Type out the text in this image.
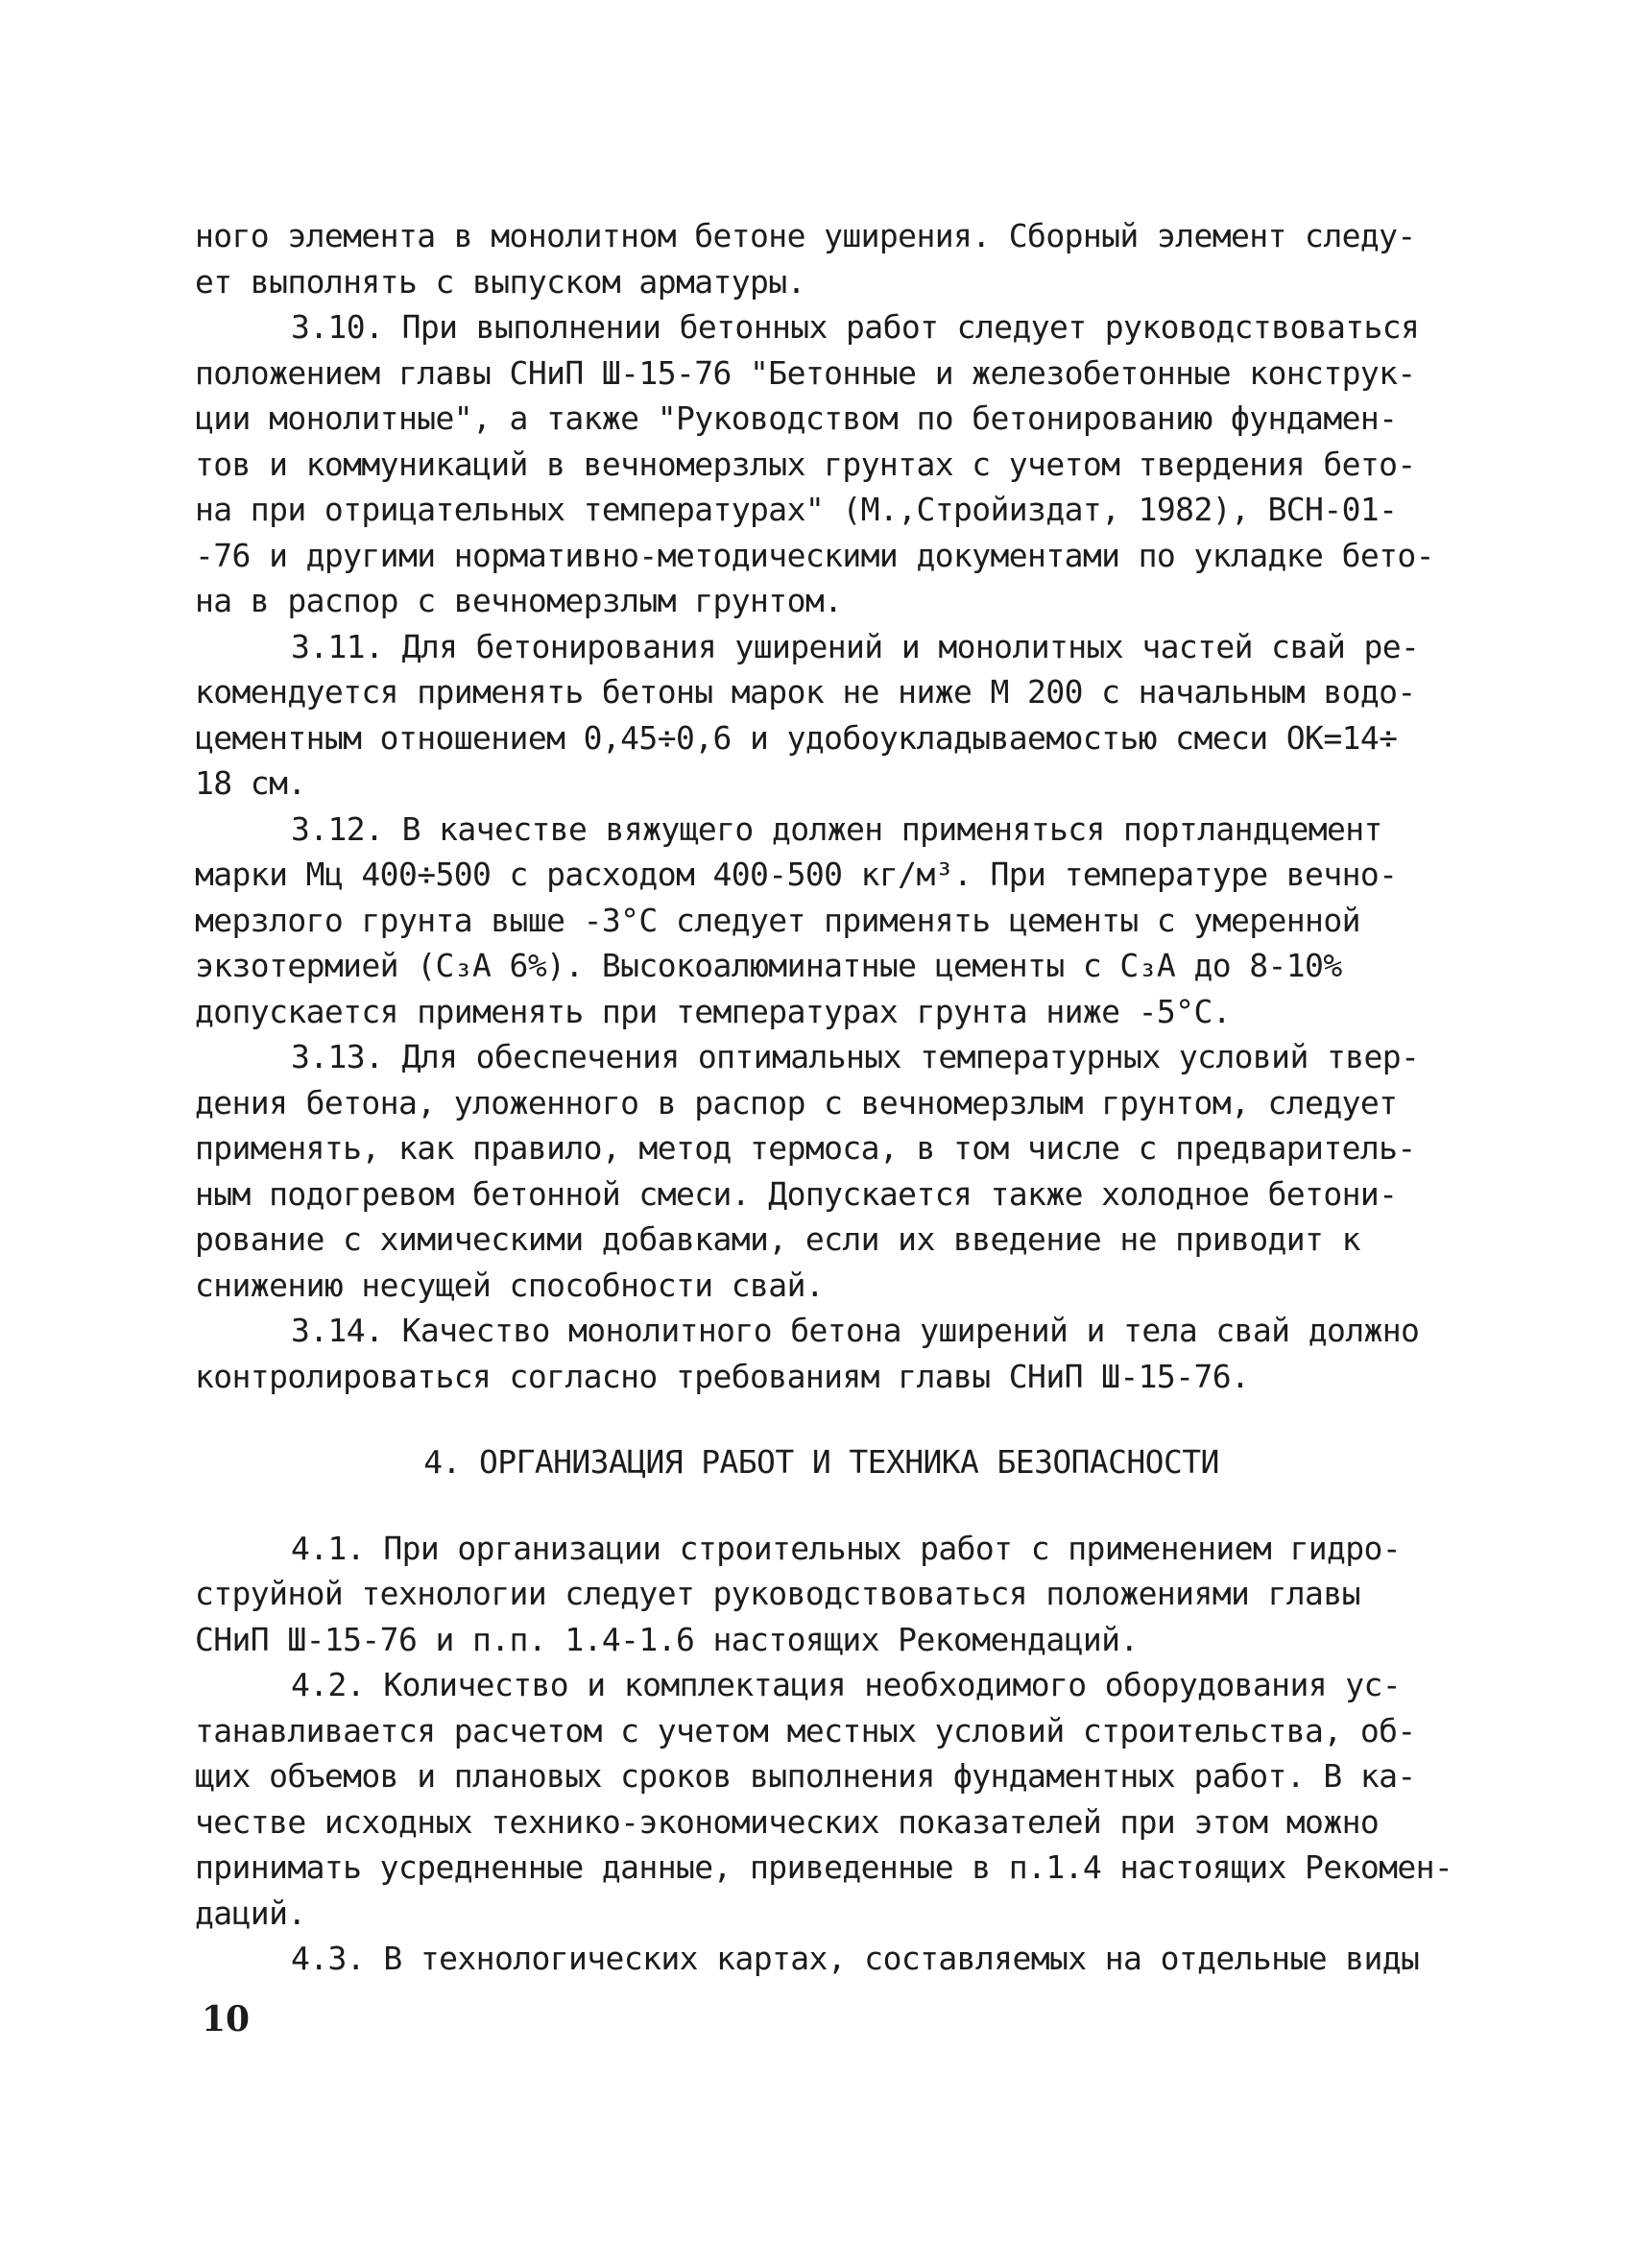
ного элемента в монолитном бетоне уширения. Сборный элемент следу-
ет выполнять с выпуском арматуры.
3.10. При выполнении бетонных работ следует руководствоваться
положением главы СНиП Ш-15-76 "Бетонные и железобетонные конструк-
ции монолитные", а также "Руководством по бетонированию фундамен-
тов и коммуникаций в вечномерзлых грунтах с учетом твердения бето-
на при отрицательных температурах" (М.,Стройиздат, 1982), ВСН-01-
-76 и другими нормативно-методическими документами по укладке бето-
на в распор с вечномерзлым грунтом.
3.11. Для бетонирования уширений и монолитных частей свай ре-
комендуется применять бетоны марок не ниже М 200 с начальным водо-
цементным отношением 0,45÷0,6 и удобоукладываемостью смеси ОК=14÷
18 см.
3.12. В качестве вяжущего должен применяться портландцемент
марки Мц 400÷500 с расходом 400-500 кг/м³. При температуре вечно-
мерзлого грунта выше -3°С следует применять цементы с умеренной
экзотермией (C₃A 6%). Высокоалюминатные цементы с C₃A до 8-10%
допускается применять при температурах грунта ниже -5°С.
3.13. Для обеспечения оптимальных температурных условий твер-
дения бетона, уложенного в распор с вечномерзлым грунтом, следует
применять, как правило, метод термоса, в том числе с предваритель-
ным подогревом бетонной смеси. Допускается также холодное бетони-
рование с химическими добавками, если их введение не приводит к
снижению несущей способности свай.
3.14. Качество монолитного бетона уширений и тела свай должно
контролироваться согласно требованиям главы СНиП Ш-15-76.
4. ОРГАНИЗАЦИЯ РАБОТ И ТЕХНИКА БЕЗОПАСНОСТИ
4.1. При организации строительных работ с применением гидро-
струйной технологии следует руководствоваться положениями главы
СНиП Ш-15-76 и п.п. 1.4-1.6 настоящих Рекомендаций.
4.2. Количество и комплектация необходимого оборудования ус-
танавливается расчетом с учетом местных условий строительства, об-
щих объемов и плановых сроков выполнения фундаментных работ. В ка-
честве исходных технико-экономических показателей при этом можно
принимать усредненные данные, приведенные в п.1.4 настоящих Рекомен-
даций.
4.3. В технологических картах, составляемых на отдельные виды
10
